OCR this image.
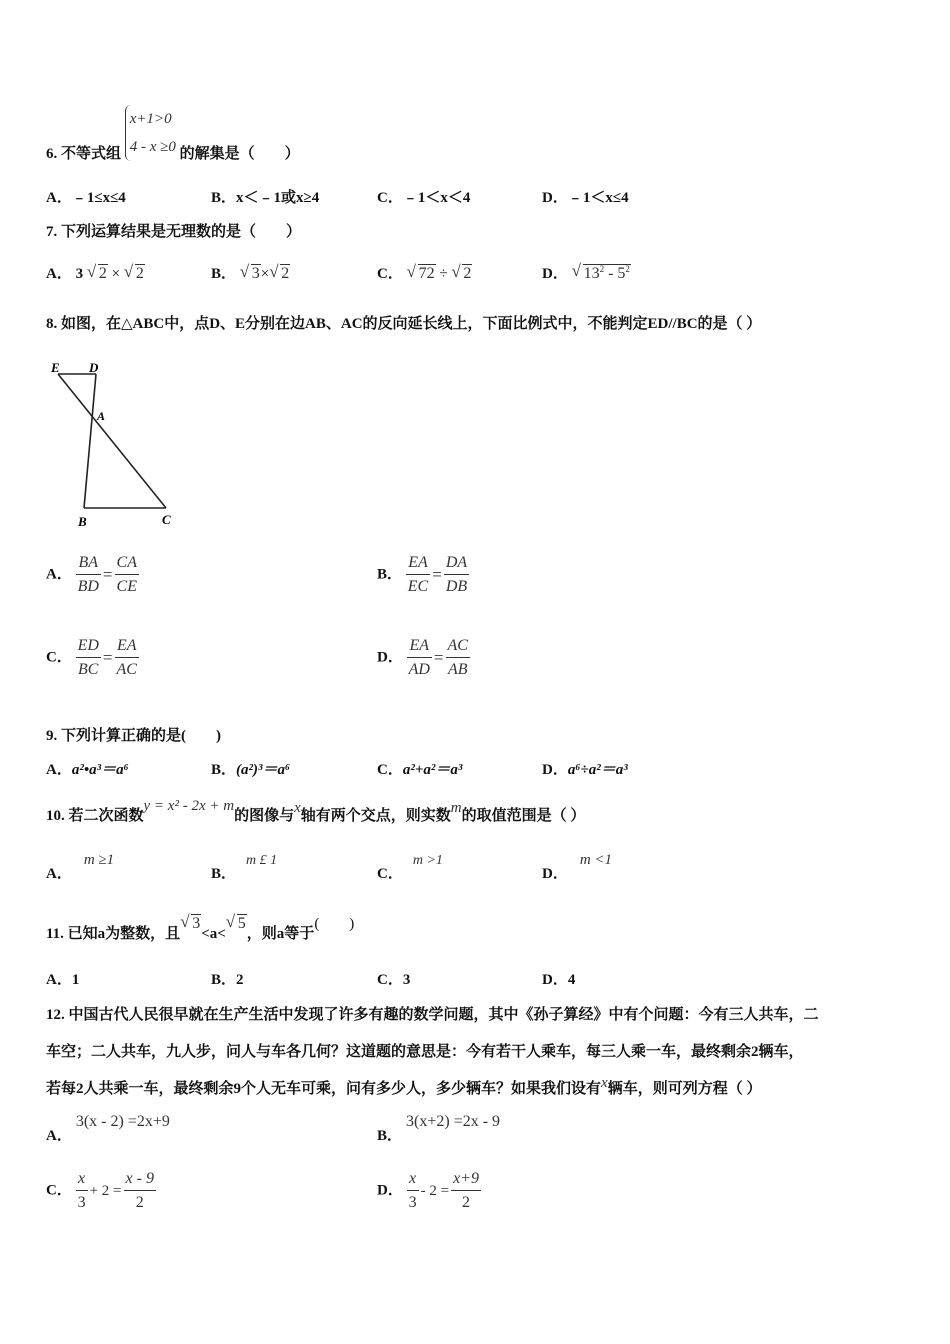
6. 不等式组
x+1>0
4 - x ≥0 的解集是（　　）
A．﹣1≤x≤4	B．x＜﹣1或x≥4	C．﹣1＜x＜4	D．﹣1＜x≤4
7. 下列运算结果是无理数的是（　　）
A． 3 √ 2 × √ 2	B． √ 3× √ 2	C． √ 72 ÷ √ 2	D． √ $13^2 - 5^2$
8. 如图，在△ABC中，点D、E分别在边AB、AC的反向延长线上，下面比例式中，不能判定ED//BC的是（ ）
E D
A
B	C
A． $\frac{BA}{BD} = \frac{CA}{CE}$	B． $\frac{EA}{EC} = \frac{DA}{DB}$
C． $\frac{ED}{BC} = \frac{EA}{AC}$	D． $\frac{EA}{AD} = \frac{AC}{AB}$
9. 下列计算正确的是(　　)
A．a²•a³＝a⁶	B．(a²)³＝a⁶	C．a²+a²＝a³	D．a⁶÷a²＝a³
10. 若二次函数y = x² - 2x + m的图像与x轴有两个交点，则实数m的取值范围是（ ）
A．m ≥1
B．m £ 1
C．m >1
D．m <1
11. 已知a为整数，且
√ 3<a<
√ 5，则a等于(　　)
A．1	B．2	C．3	D．4
12. 中国古代人民很早就在生产生活中发现了许多有趣的数学问题，其中《孙子算经》中有个问题：今有三人共车，二
车空；二人共车，九人步，问人与车各几何？这道题的意思是：今有若干人乘车，每三人乘一车，最终剩余2辆车，
若每2人共乘一车，最终剩余9个人无车可乘，问有多少人，多少辆车？如果我们设有x辆车，则可列方程（ ）
A．3(x - 2) =2x+9
B．3(x+2) =2x - 9
C． $\frac{x}{3} + 2 = \frac{x - 9}{2}$	D． $\frac{x}{3} - 2 = \frac{x+9}{2}$
